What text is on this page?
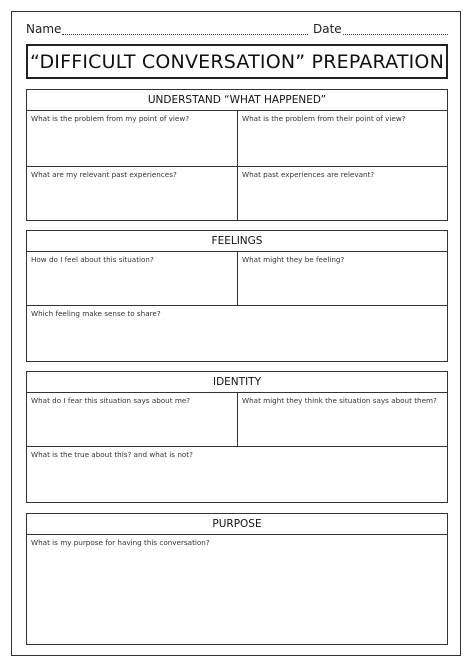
Name	Date
“DIFFICULT CONVERSATION” PREPARATION
UNDERSTAND “WHAT HAPPENED”
What is the problem from my point of view?	What is the problem from their point of view?
What are my relevant past experiences?	What past experiences are relevant?
FEELINGS
How do I feel about this situation?	What might they be feeling?
Which feeling make sense to share?
IDENTITY
What do I fear this situation says about me?	What might they think the situation says about them?
What is the true about this? and what is not?
PURPOSE
What is my purpose for having this conversation?
